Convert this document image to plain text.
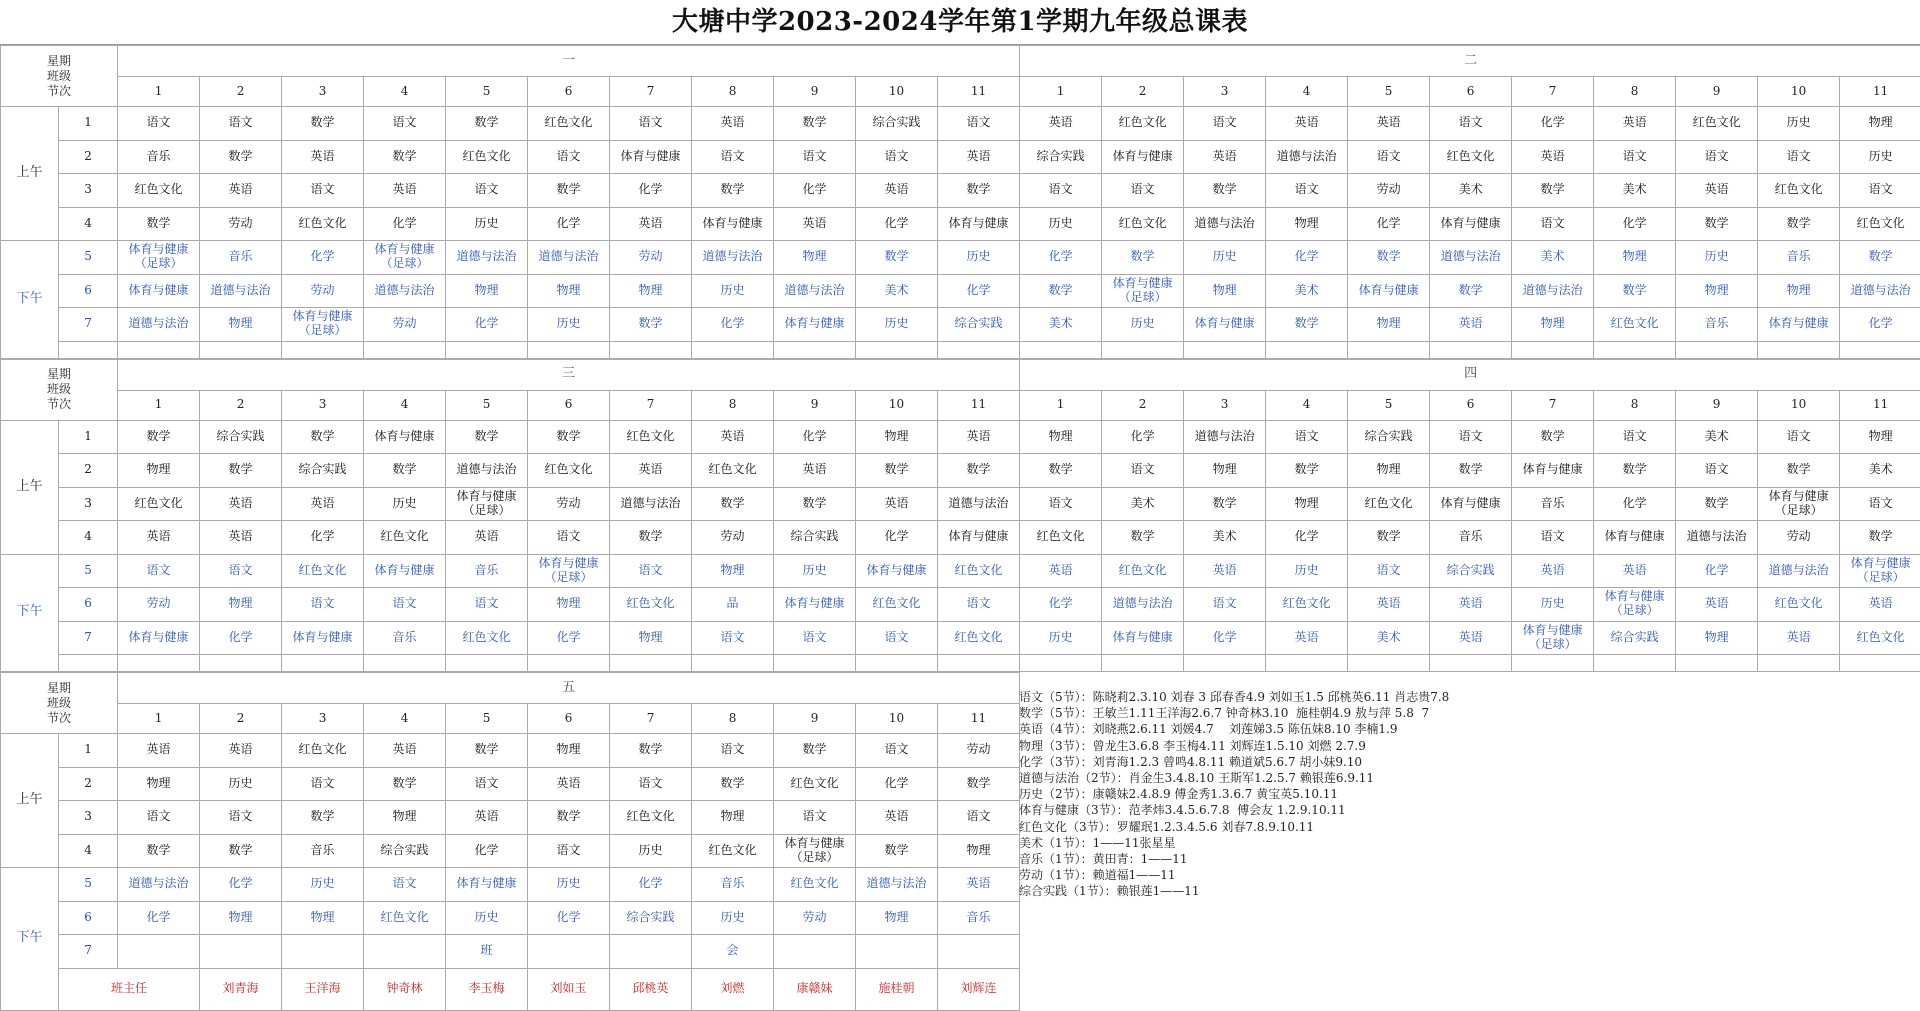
大塘中学2023-2024学年第1学期九年级总课表
星期
班级
节次		一											二										
		1	2	3	4	5	6	7	8	9	10	11	1	2	3	4	5	6	7	8	9	10	11
上午	1	语文	语文	数学	语文	数学	红色文化	语文	英语	数学	综合实践	语文	英语	红色文化	语文	英语	英语	语文	化学	英语	红色文化	历史	物理
	2	音乐	数学	英语	数学	红色文化	语文	体育与健康	语文	语文	语文	英语	综合实践	体育与健康	英语	道德与法治	语文	红色文化	英语	语文	语文	语文	历史
	3	红色文化	英语	语文	英语	语文	数学	化学	数学	化学	英语	数学	语文	语文	数学	语文	劳动	美术	数学	美术	英语	红色文化	语文
	4	数学	劳动	红色文化	化学	历史	化学	英语	体育与健康	英语	化学	体育与健康	历史	红色文化	道德与法治	物理	化学	体育与健康	语文	化学	数学	数学	红色文化
下午	5	体育与健康（足球）	音乐	化学	体育与健康（足球）	道德与法治	道德与法治	劳动	道德与法治	物理	数学	历史	化学	数学	历史	化学	数学	道德与法治	美术	物理	历史	音乐	数学
	6	体育与健康	道德与法治	劳动	道德与法治	物理	物理	物理	历史	道德与法治	美术	化学	数学	体育与健康（足球）	物理	美术	体育与健康	数学	道德与法治	数学	物理	物理	道德与法治
	7	道德与法治	物理	体育与健康（足球）	劳动	化学	历史	数学	化学	体育与健康	历史	综合实践	美术	历史	体育与健康	数学	物理	英语	物理	红色文化	音乐	体育与健康	化学

星期
班级
节次		三											四										
		1	2	3	4	5	6	7	8	9	10	11	1	2	3	4	5	6	7	8	9	10	11
上午	1	数学	综合实践	数学	体育与健康	数学	数学	红色文化	英语	化学	物理	英语	物理	化学	道德与法治	语文	综合实践	语文	数学	语文	美术	语文	物理
	2	物理	数学	综合实践	数学	道德与法治	红色文化	英语	红色文化	英语	数学	数学	数学	语文	物理	数学	物理	数学	体育与健康	数学	语文	数学	美术
	3	红色文化	英语	英语	历史	体育与健康（足球）	劳动	道德与法治	数学	数学	英语	道德与法治	语文	美术	数学	物理	红色文化	体育与健康	音乐	化学	数学	体育与健康（足球）	语文
	4	英语	英语	化学	红色文化	英语	语文	数学	劳动	综合实践	化学	体育与健康	红色文化	数学	美术	化学	数学	音乐	语文	体育与健康	道德与法治	劳动	数学
下午	5	语文	语文	红色文化	体育与健康	音乐	体育与健康（足球）	语文	物理	历史	体育与健康	红色文化	英语	红色文化	英语	历史	语文	综合实践	英语	英语	化学	道德与法治	体育与健康（足球）
	6	劳动	物理	语文	语文	语文	物理	红色文化	品	体育与健康	红色文化	语文	化学	道德与法治	语文	红色文化	英语	英语	历史	体育与健康（足球）	英语	红色文化	英语
	7	体育与健康	化学	体育与健康	音乐	红色文化	化学	物理	语文	语文	语文	红色文化	历史	体育与健康	化学	英语	美术	英语	体育与健康（足球）	综合实践	物理	英语	红色文化

星期
班级
节次		五											
		1	2	3	4	5	6	7	8	9	10	11	
上午	1	英语	英语	红色文化	英语	数学	物理	数学	语文	数学	语文	劳动	
	2	物理	历史	语文	数学	语文	英语	语文	数学	红色文化	化学	数学	
	3	语文	语文	数学	物理	英语	数学	红色文化	物理	语文	英语	语文	
	4	数学	数学	音乐	综合实践	化学	语文	历史	红色文化	体育与健康（足球）	数学	物理	
下午	5	道德与法治	化学	历史	语文	体育与健康	历史	化学	音乐	红色文化	道德与法治	英语	
	6	化学	物理	物理	红色文化	历史	化学	综合实践	历史	劳动	物理	音乐	
	7					班			会				
	班主任		刘青海	王洋海	钟奇林	李玉梅	刘如玉	邱桃英	刘燃	康赣妹	施桂朝	刘辉连	
语文（5节）：陈晓莉2.3.10 刘春 3 邱春香4.9 刘如玉1.5 邱桃英6.11 肖志贵7.8
数学（5节）：王敏兰1.11王洋海2.6.7 钟奇林3.10  施桂朝4.9 敖与萍 5.8  7
英语（4节）：刘晓燕2.6.11 刘媛4.7    刘莲娣3.5 陈伍妹8.10 李楠1.9
物理（3节）：曾龙生3.6.8 李玉梅4.11 刘辉连1.5.10 刘燃 2.7.9
化学（3节）：刘青海1.2.3 曾鸣4.8.11 赖道斌5.6.7 胡小妹9.10
道德与法治（2节）：肖金生3.4.8.10 王斯军1.2.5.7 赖银莲6.9.11
历史（2节）：康赣妹2.4.8.9 傅金秀1.3.6.7 黄宝英5.10.11
体育与健康（3节）：范孝炜3.4.5.6.7.8  傅会友 1.2.9.10.11
红色文化（3节）：罗耀珉1.2.3.4.5.6 刘春7.8.9.10.11
美术（1节）：1——11张星星
音乐（1节）：黄田青：1——11
劳动（1节）：赖道福1——11
综合实践（1节）：赖银莲1——11
